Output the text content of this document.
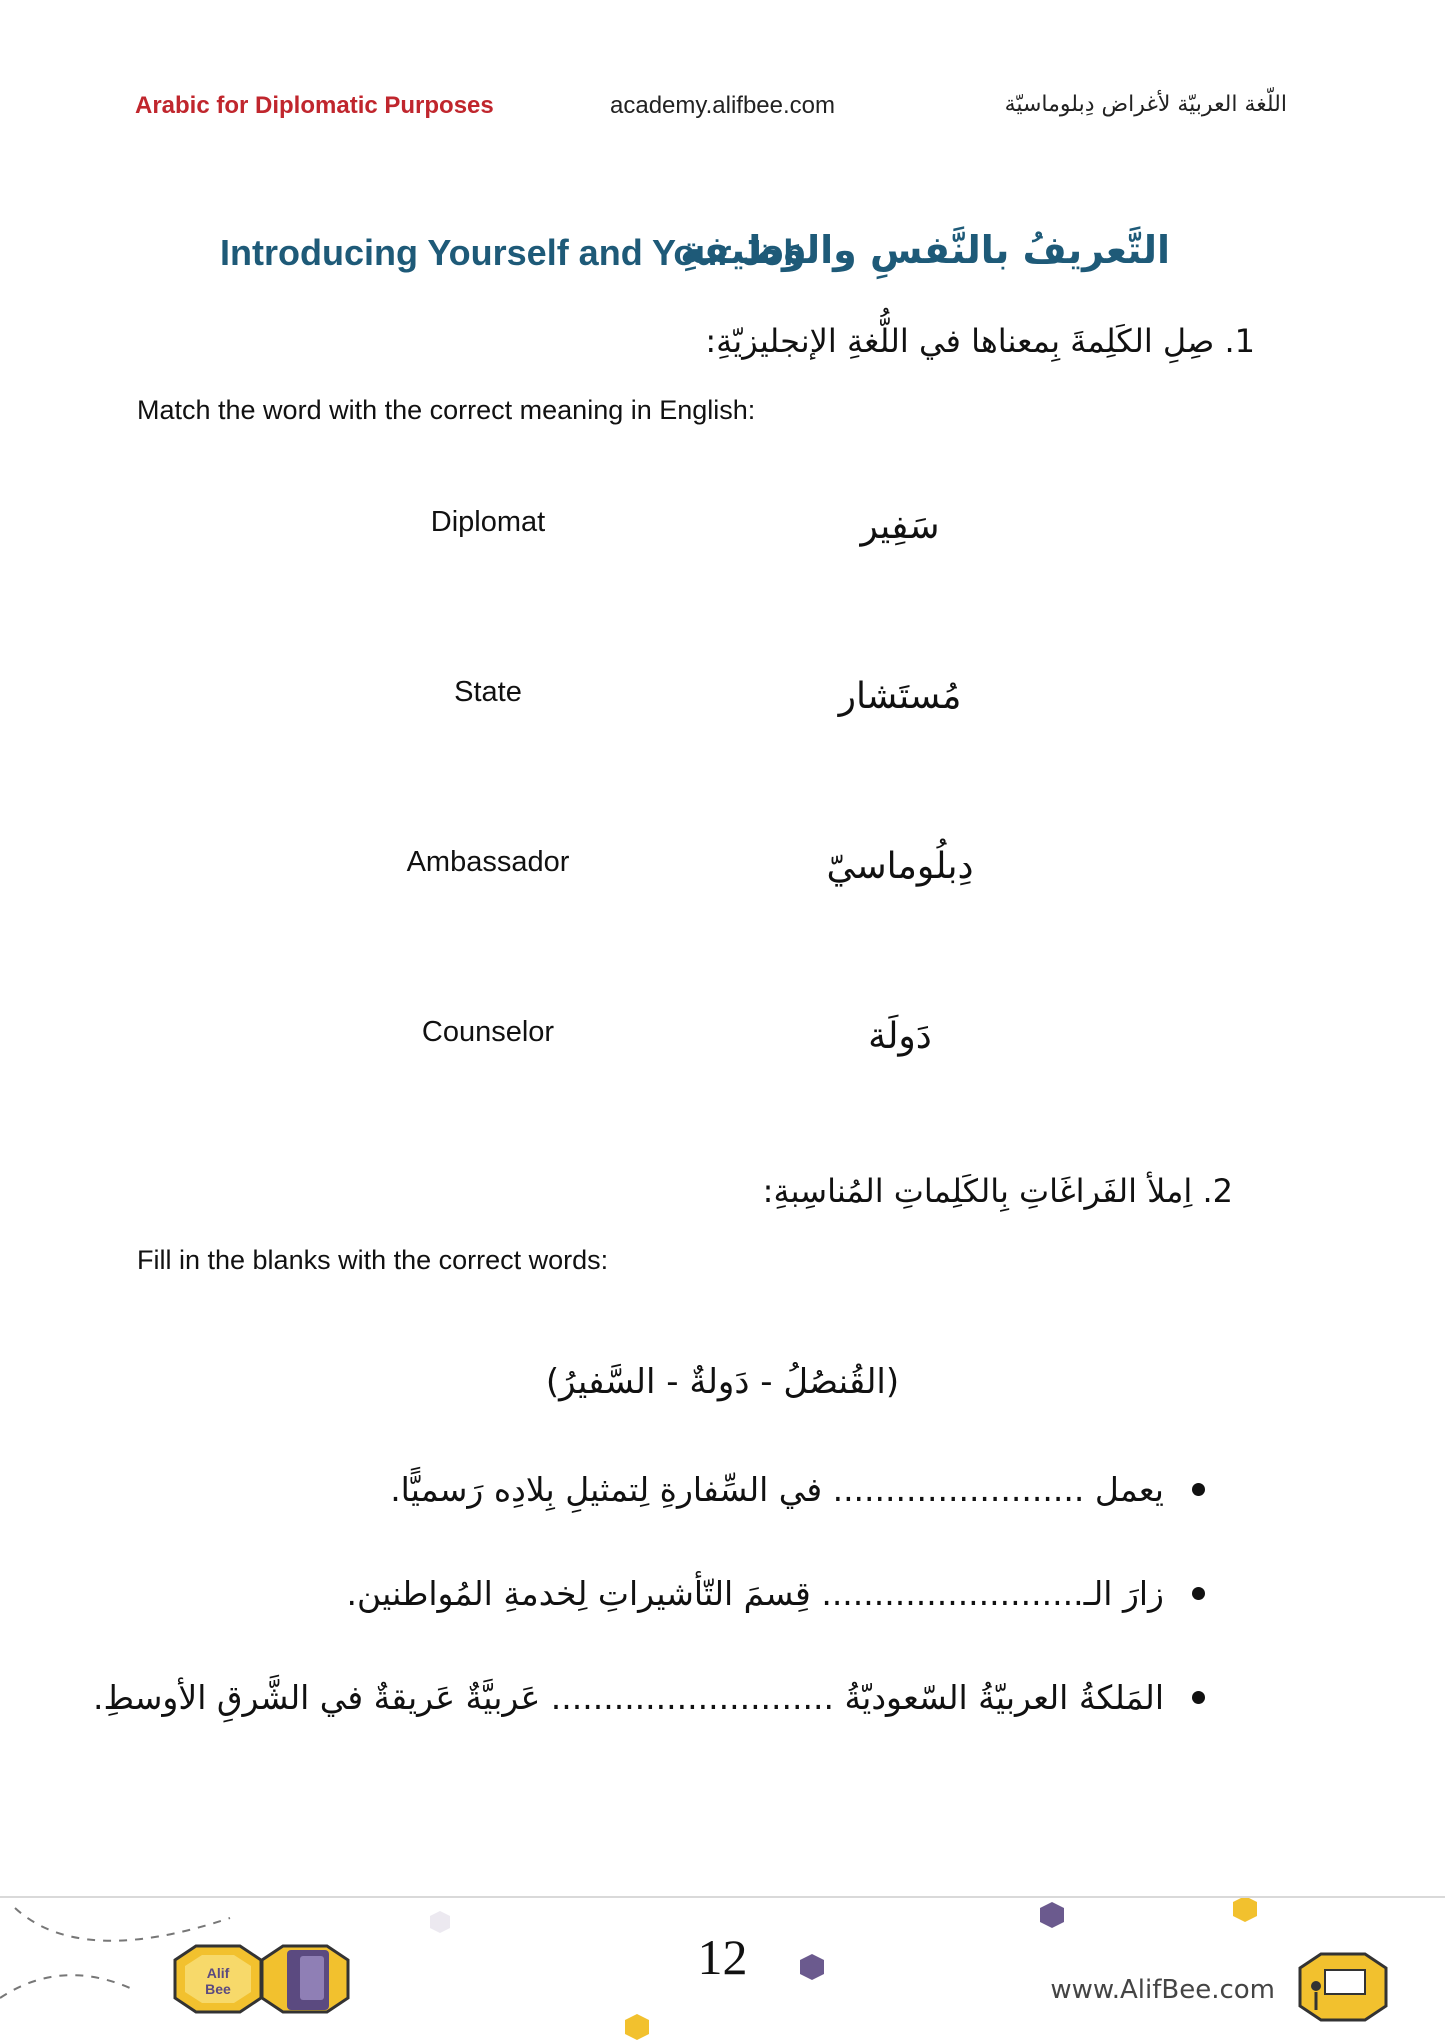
Arabic for Diplomatic Purposes	academy.alifbee.com	اللّغة العربيّة لأغراض دِبلوماسيّة
Introducing Yourself and Your Job
التَّعريفُ بالنَّفسِ والوَظيفةِ
1. صِلِ الكَلِمةَ بِمعناها في اللُّغةِ الإنجليزيّةِ:
Match the word with the correct meaning in English:
Diplomat	سَفِير
State	مُستَشار
Ambassador	دِبلُوماسيّ
Counselor	دَولَة
2. اِملأ الفَراغَاتِ بِالكَلِماتِ المُناسِبةِ:
Fill in the blanks with the correct words:
(القُنصُلُ - دَولةٌ - السَّفيرُ)
يعمل ........................ في السِّفارةِ لِتمثيلِ بِلادِه رَسميًّا.
زارَ الـ......................... قِسمَ التّأشيراتِ لِخدمةِ المُواطنين.
المَلكةُ العربيّةُ السّعوديّةُ ........................... عَربيَّةٌ عَريقةٌ في الشَّرقِ الأوسطِ.
Alif
Bee
12
www.AlifBee.com
